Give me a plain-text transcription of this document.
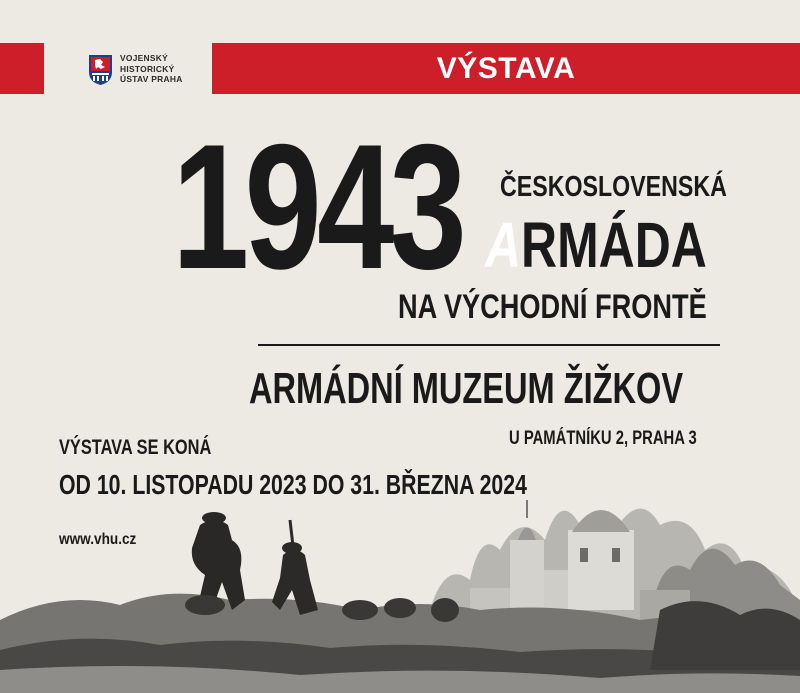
VÝSTAVA
VOJENSKÝ
HISTORICKÝ
ÚSTAV PRAHA
1943 ČESKOSLOVENSKÁ
ARMÁDA
NA VÝCHODNÍ FRONTĚ
ARMÁDNÍ MUZEUM ŽIŽKOV
U PAMÁTNÍKU 2, PRAHA 3
VÝSTAVA SE KONÁ
OD 10. LISTOPADU 2023 DO 31. BŘEZNA 2024
www.vhu.cz
